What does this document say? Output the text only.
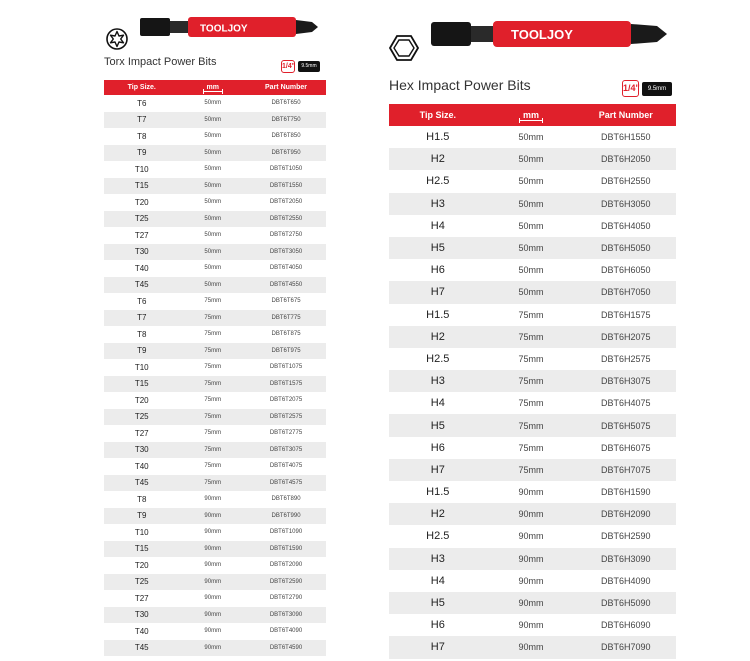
TOOLJOY
Torx Impact Power Bits	1/4"	9.5mm
Tip Size.	mm	Part Number
T6	50mm	DBT6T650
T7	50mm	DBT6T750
T8	50mm	DBT6T850
T9	50mm	DBT6T950
T10	50mm	DBT6T1050
T15	50mm	DBT6T1550
T20	50mm	DBT6T2050
T25	50mm	DBT6T2550
T27	50mm	DBT6T2750
T30	50mm	DBT6T3050
T40	50mm	DBT6T4050
T45	50mm	DBT6T4550
T6	75mm	DBT6T675
T7	75mm	DBT6T775
T8	75mm	DBT6T875
T9	75mm	DBT6T975
T10	75mm	DBT6T1075
T15	75mm	DBT6T1575
T20	75mm	DBT6T2075
T25	75mm	DBT6T2575
T27	75mm	DBT6T2775
T30	75mm	DBT6T3075
T40	75mm	DBT6T4075
T45	75mm	DBT6T4575
T8	90mm	DBT6T890
T9	90mm	DBT6T990
T10	90mm	DBT6T1090
T15	90mm	DBT6T1590
T20	90mm	DBT6T2090
T25	90mm	DBT6T2590
T27	90mm	DBT6T2790
T30	90mm	DBT6T3090
T40	90mm	DBT6T4090
T45	90mm	DBT6T4590
TOOLJOY
Hex Impact Power Bits	1/4"	9.5mm
Tip Size.	mm	Part Number
H1.5	50mm	DBT6H1550
H2	50mm	DBT6H2050
H2.5	50mm	DBT6H2550
H3	50mm	DBT6H3050
H4	50mm	DBT6H4050
H5	50mm	DBT6H5050
H6	50mm	DBT6H6050
H7	50mm	DBT6H7050
H1.5	75mm	DBT6H1575
H2	75mm	DBT6H2075
H2.5	75mm	DBT6H2575
H3	75mm	DBT6H3075
H4	75mm	DBT6H4075
H5	75mm	DBT6H5075
H6	75mm	DBT6H6075
H7	75mm	DBT6H7075
H1.5	90mm	DBT6H1590
H2	90mm	DBT6H2090
H2.5	90mm	DBT6H2590
H3	90mm	DBT6H3090
H4	90mm	DBT6H4090
H5	90mm	DBT6H5090
H6	90mm	DBT6H6090
H7	90mm	DBT6H7090
